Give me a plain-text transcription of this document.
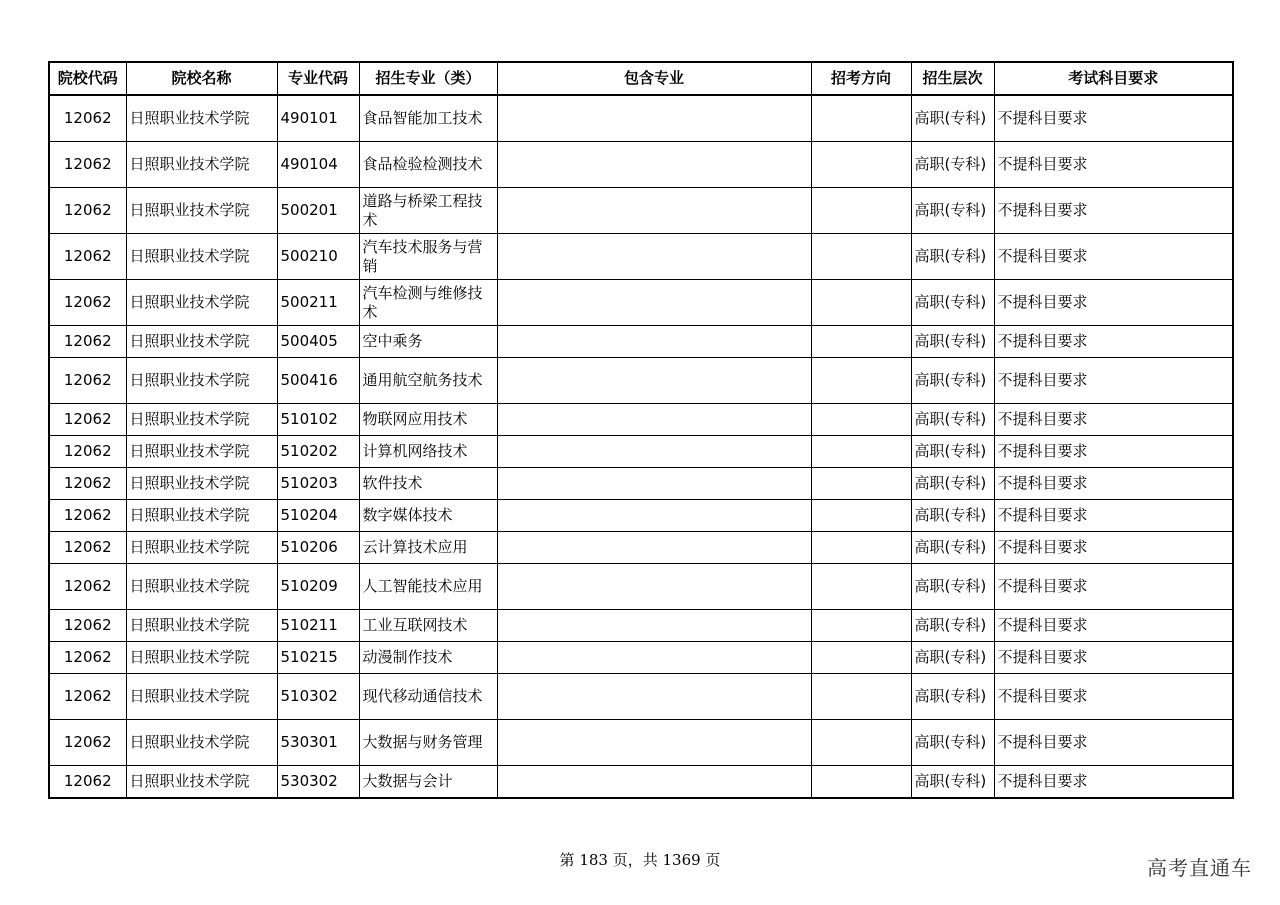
院校代码	院校名称	专业代码	招生专业（类）	包含专业	招考方向	招生层次	考试科目要求
12062	日照职业技术学院	490101	食品智能加工技术			高职(专科)	不提科目要求
12062	日照职业技术学院	490104	食品检验检测技术			高职(专科)	不提科目要求
12062	日照职业技术学院	500201	道路与桥梁工程技术			高职(专科)	不提科目要求
12062	日照职业技术学院	500210	汽车技术服务与营销			高职(专科)	不提科目要求
12062	日照职业技术学院	500211	汽车检测与维修技术			高职(专科)	不提科目要求
12062	日照职业技术学院	500405	空中乘务			高职(专科)	不提科目要求
12062	日照职业技术学院	500416	通用航空航务技术			高职(专科)	不提科目要求
12062	日照职业技术学院	510102	物联网应用技术			高职(专科)	不提科目要求
12062	日照职业技术学院	510202	计算机网络技术			高职(专科)	不提科目要求
12062	日照职业技术学院	510203	软件技术			高职(专科)	不提科目要求
12062	日照职业技术学院	510204	数字媒体技术			高职(专科)	不提科目要求
12062	日照职业技术学院	510206	云计算技术应用			高职(专科)	不提科目要求
12062	日照职业技术学院	510209	人工智能技术应用			高职(专科)	不提科目要求
12062	日照职业技术学院	510211	工业互联网技术			高职(专科)	不提科目要求
12062	日照职业技术学院	510215	动漫制作技术			高职(专科)	不提科目要求
12062	日照职业技术学院	510302	现代移动通信技术			高职(专科)	不提科目要求
12062	日照职业技术学院	530301	大数据与财务管理			高职(专科)	不提科目要求
12062	日照职业技术学院	530302	大数据与会计			高职(专科)	不提科目要求
第 183 页，共 1369 页	高考直通车
